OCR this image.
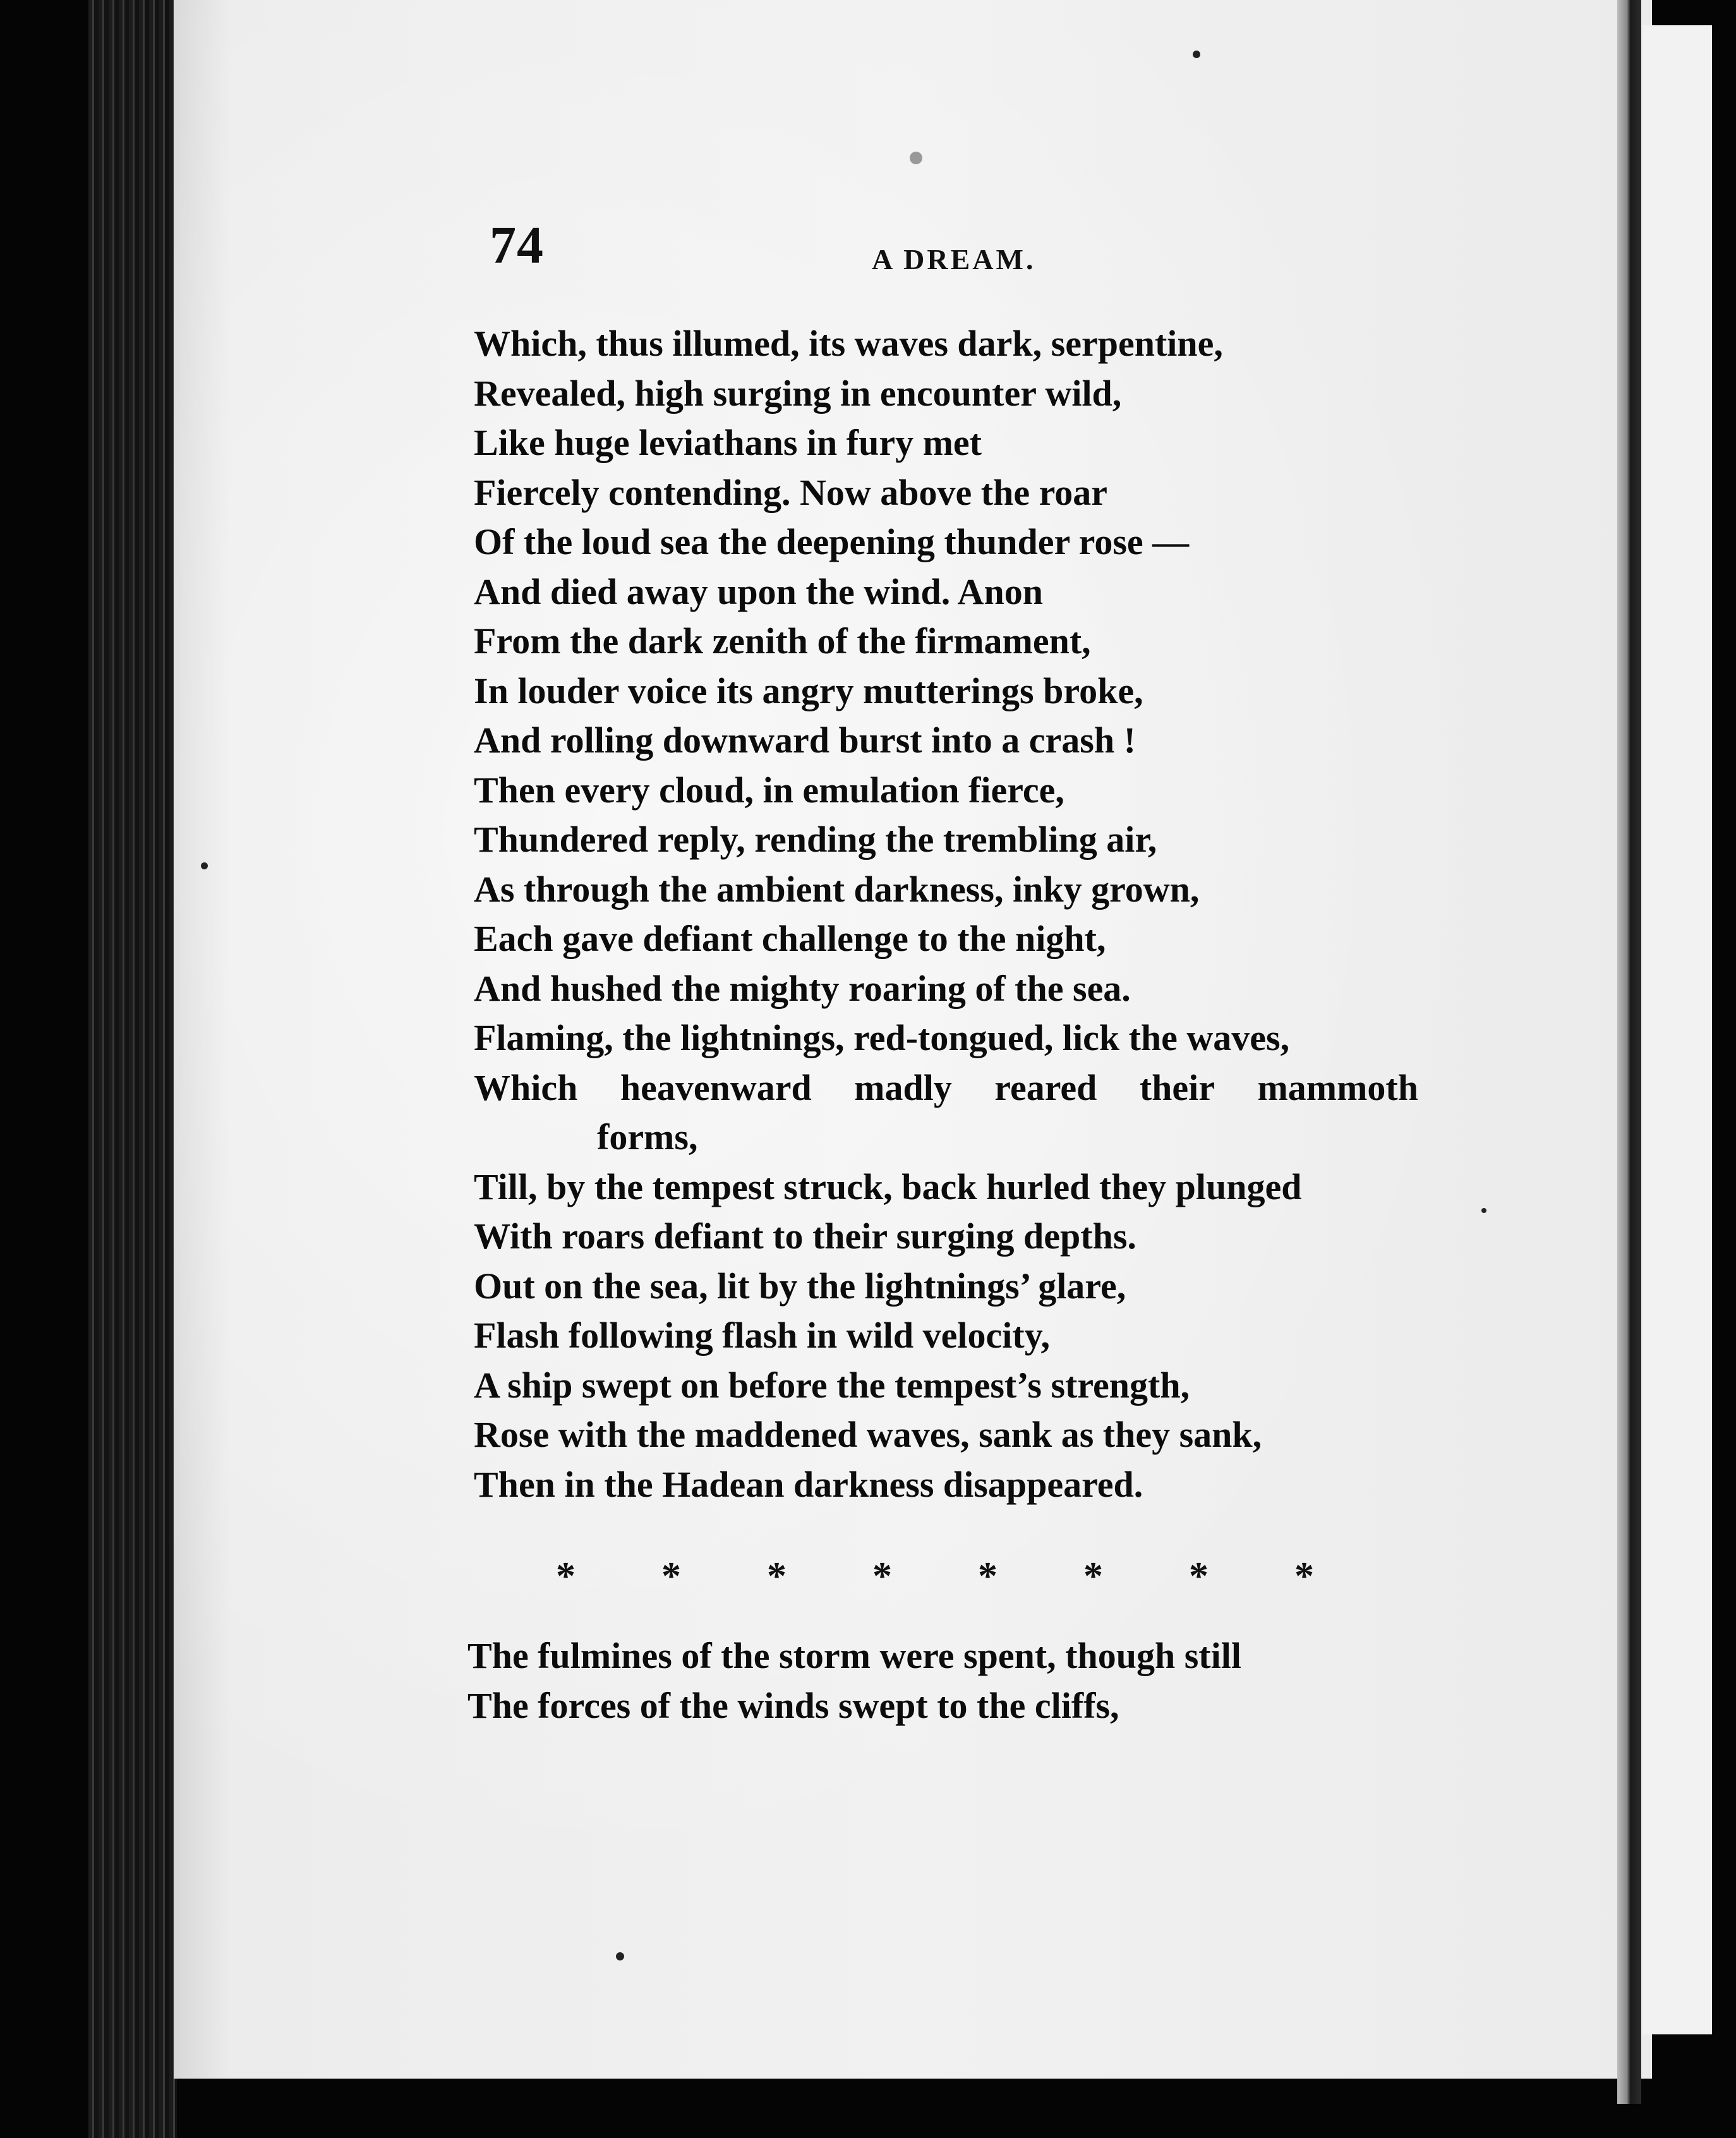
74	A DREAM.
Which, thus illumed, its waves dark, serpentine,
Revealed, high surging in encounter wild,
Like huge leviathans in fury met
Fiercely contending. Now above the roar
Of the loud sea the deepening thunder rose —
And died away upon the wind. Anon
From the dark zenith of the firmament,
In louder voice its angry mutterings broke,
And rolling downward burst into a crash !
Then every cloud, in emulation fierce,
Thundered reply, rending the trembling air,
As through the ambient darkness, inky grown,
Each gave defiant challenge to the night,
And hushed the mighty roaring of the sea.
Flaming, the lightnings, red-tongued, lick the waves,
Which heavenward madly reared their mammoth
forms,
Till, by the tempest struck, back hurled they plunged
With roars defiant to their surging depths.
Out on the sea, lit by the lightnings’ glare,
Flash following flash in wild velocity,
A ship swept on before the tempest’s strength,
Rose with the maddened waves, sank as they sank,
Then in the Hadean darkness disappeared.
* * * * * * * *
The fulmines of the storm were spent, though still
The forces of the winds swept to the cliffs,
